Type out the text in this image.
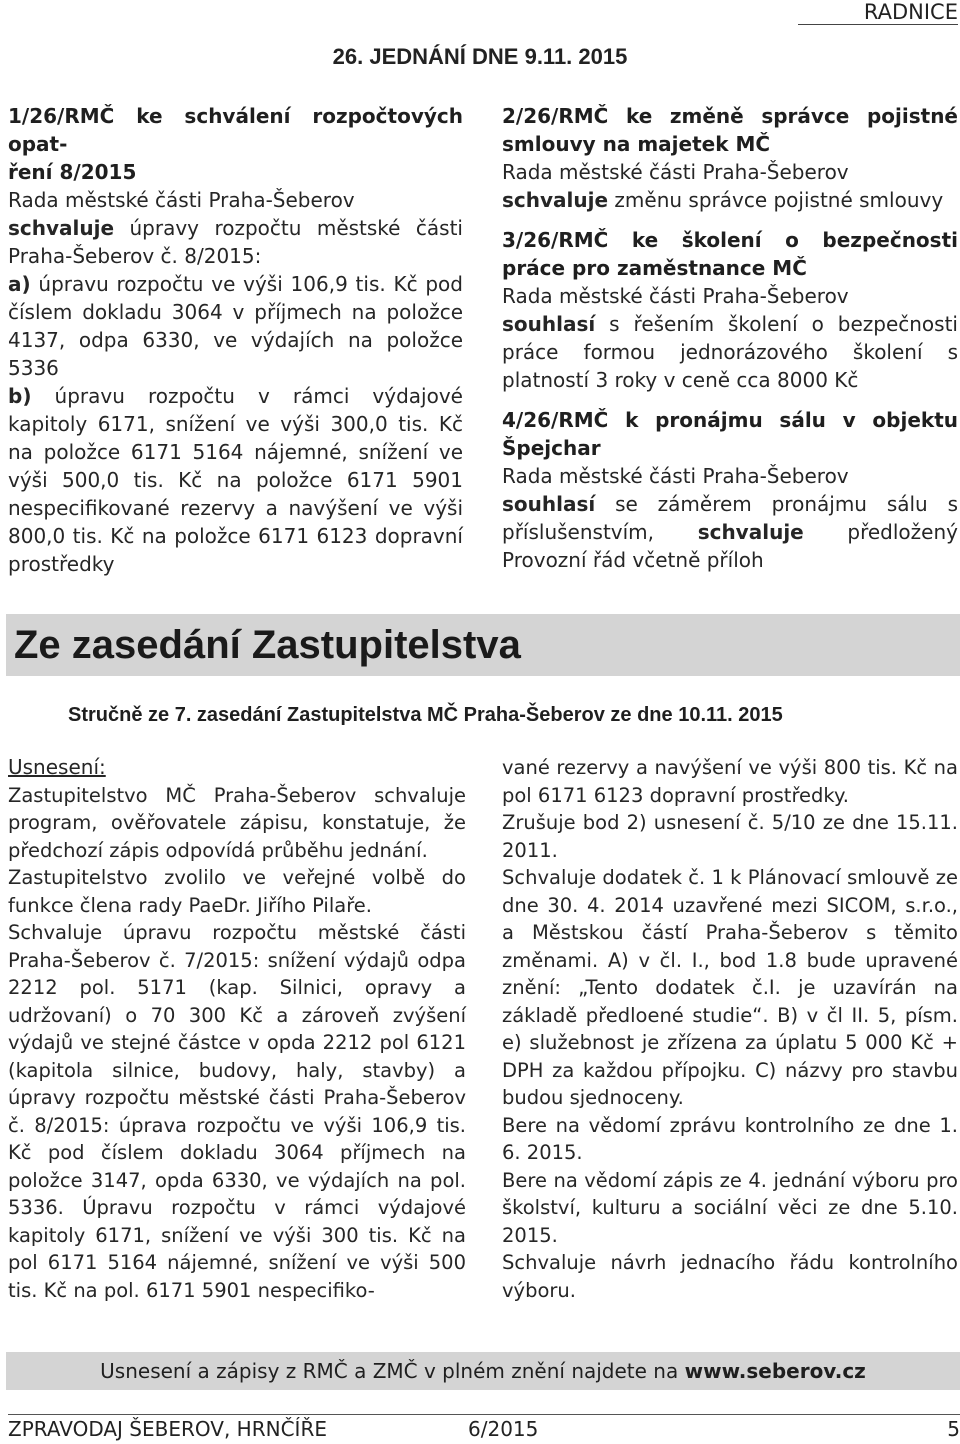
RADNICE
26. JEDNÁNÍ DNE 9.11. 2015

1/26/RMČ ke schválení rozpočtových opat-
ření 8/2015

Rada městské části Praha-Šeberov

schvaluje úpravy rozpočtu městské části Praha-Šeberov č. 8/2015:

a) úpravu rozpočtu ve výši 106,9 tis. Kč pod číslem dokladu 3064 v příjmech na položce 4137, odpa 6330, ve výdajích na položce 5336

b) úpravu rozpočtu v rámci výdajové kapitoly 6171, snížení ve výši 300,0 tis. Kč na položce 6171 5164 nájemné, snížení ve výši 500,0 tis. Kč na položce 6171 5901 nespecifikované rezervy a navýšení ve výši 800,0 tis. Kč na položce 6171 6123 dopravní prostředky

2/26/RMČ ke změně správce pojistné smlouvy na majetek MČ

Rada městské části Praha-Šeberov

schvaluje změnu správce pojistné smlouvy

3/26/RMČ ke školení o bezpečnosti práce pro zaměstnance MČ

Rada městské části Praha-Šeberov

souhlasí s řešením školení o bezpečnosti práce formou jednorázového školení s platností 3 roky v ceně cca 8000 Kč

4/26/RMČ k pronájmu sálu v objektu Špejchar

Rada městské části Praha-Šeberov

souhlasí se záměrem pronájmu sálu s příslušenstvím, schvaluje předložený Provozní řád včetně příloh

Ze zasedání Zastupitelstva
Stručně ze 7. zasedání Zastupitelstva MČ Praha-Šeberov ze dne 10.11. 2015

Usnesení:

Zastupitelstvo MČ Praha-Šeberov schvaluje program, ověřovatele zápisu, konstatuje, že předchozí zápis odpovídá průběhu jednání.

Zastupitelstvo zvolilo ve veřejné volbě do funkce člena rady PaeDr. Jiřího Pilaře.

Schvaluje úpravu rozpočtu městské části Praha-Šeberov č. 7/2015: snížení výdajů odpa 2212 pol. 5171 (kap. Silnici, opravy a udržovaní) o 70 300 Kč a zároveň zvýšení výdajů ve stejné částce v opda 2212 pol 6121 (kapitola silnice, budovy, haly, stavby) a úpravy rozpočtu městské části Praha-Šeberov č. 8/2015: úprava rozpočtu ve výši 106,9 tis. Kč pod číslem dokladu 3064 příjmech na položce 3147, opda 6330, ve výdajích na pol. 5336. Úpravu rozpočtu v rámci výdajové kapitoly 6171, snížení ve výši 300 tis. Kč na pol 6171 5164 nájemné, snížení ve výši 500 tis. Kč na pol. 6171 5901 nespecifiko-

vané rezervy a navýšení ve výši 800 tis. Kč na pol 6171 6123 dopravní prostředky.

Zrušuje bod 2) usnesení č. 5/10 ze dne 15.11. 2011.

Schvaluje dodatek č. 1 k Plánovací smlouvě ze dne 30. 4. 2014 uzavřené mezi SICOM, s.r.o., a Městskou částí Praha-Šeberov s těmito změnami. A) v čl. I., bod 1.8 bude upravené znění: „Tento dodatek č.I. je uzavírán na základě předloené studie“. B) v čl II. 5, písm. e) služebnost je zřízena za úplatu 5 000 Kč + DPH za každou přípojku. C) názvy pro stavbu budou sjednoceny.

Bere na vědomí zprávu kontrolního ze dne 1. 6. 2015.

Bere na vědomí zápis ze 4. jednání výboru pro školství, kulturu a sociální věci ze dne 5.10. 2015.

Schvaluje návrh jednacího řádu kontrolního výboru.

Usnesení a zápisy z RMČ a ZMČ v plném znění najdete na www.seberov.cz
ZPRAVODAJ ŠEBEROV, HRNČÍŘE	6/2015	5
